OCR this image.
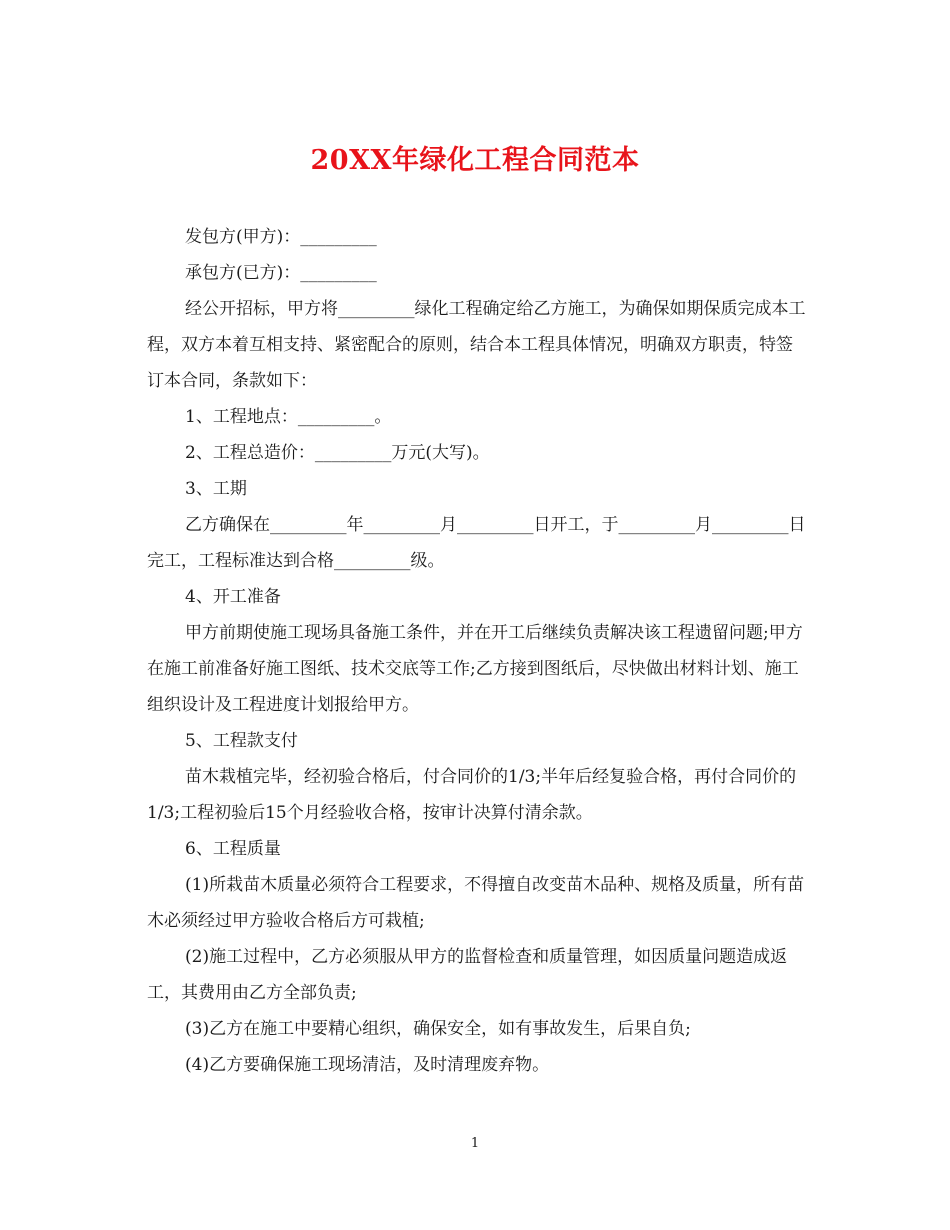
20XX年绿化工程合同范本

发包方(甲方)：_________

承包方(已方)：_________

经公开招标，甲方将_________绿化工程确定给乙方施工，为确保如期保质完成本工程，双方本着互相支持、紧密配合的原则，结合本工程具体情况，明确双方职责，特签订本合同，条款如下：

1、工程地点：_________。

2、工程总造价：_________万元(大写)。

3、工期

乙方确保在_________年_________月_________日开工，于_________月_________日完工，工程标准达到合格_________级。

4、开工准备

甲方前期使施工现场具备施工条件，并在开工后继续负责解决该工程遗留问题;甲方在施工前准备好施工图纸、技术交底等工作;乙方接到图纸后，尽快做出材料计划、施工组织设计及工程进度计划报给甲方。

5、工程款支付

苗木栽植完毕，经初验合格后，付合同价的1/3;半年后经复验合格，再付合同价的1/3;工程初验后15个月经验收合格，按审计决算付清余款。

6、工程质量

(1)所栽苗木质量必须符合工程要求，不得擅自改变苗木品种、规格及质量，所有苗木必须经过甲方验收合格后方可栽植;

(2)施工过程中，乙方必须服从甲方的监督检查和质量管理，如因质量问题造成返工，其费用由乙方全部负责;

(3)乙方在施工中要精心组织，确保安全，如有事故发生，后果自负;

(4)乙方要确保施工现场清洁，及时清理废弃物。

1
